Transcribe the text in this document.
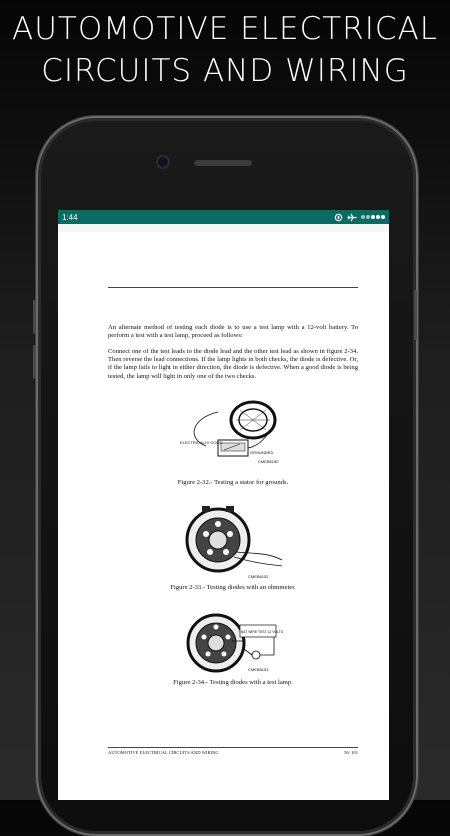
AUTOMOTIVE ELECTRICAL
CIRCUITS AND WIRING
1:44

An alternate method of testing each diode is to use a test lamp with a 12-volt battery. To perform a test with a test lamp, proceed as follows:

Connect one of the test leads to the diode lead and the other test lead as shown in figure 2-34. Then reverse the lead connections. If the lamp lights in both checks, the diode is defective. Or, if the lamp fails to light in either direction, the diode is defective. When a good diode is being tested, the lamp will light in only one of the two checks.

ELECTRICALLY GOOD
GROUNDED
CMEB8150
Figure 2-32.- Testing a stator for grounds.
CMEB8152
Figure 2-33.- Testing diodes with an ohmmeter.
BAT WIRE TEST 12 VOLTS
CMEB8153
Figure 2-34.- Testing diodes with a test lamp.
AUTOMOTIVE ELECTRICAL CIRCUITS AND WIRING	56/ 101
